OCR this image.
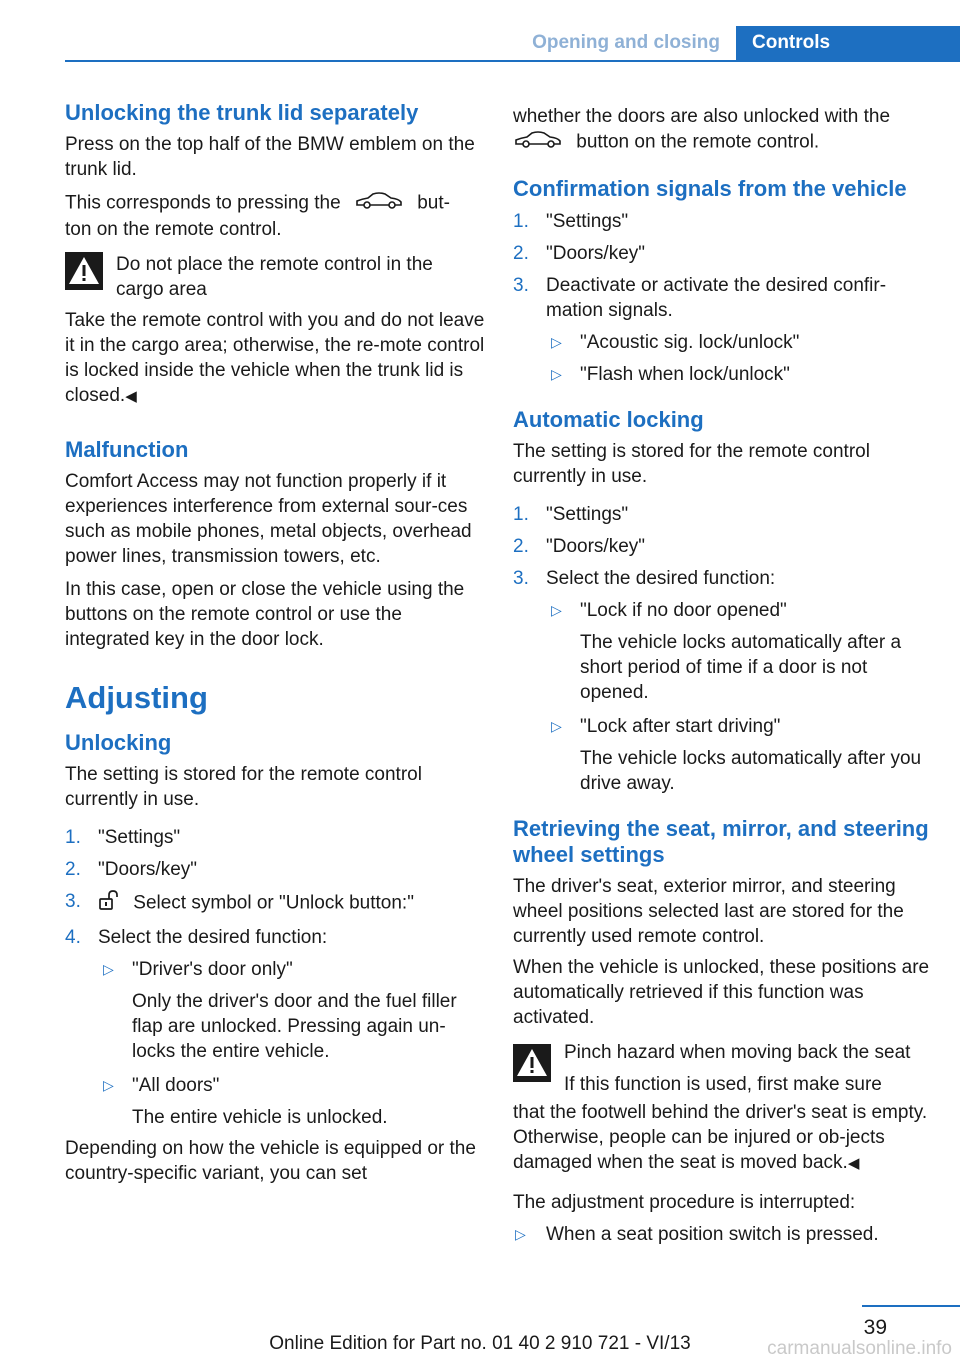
Opening and closing	Controls
Unlocking the trunk lid separately

Press on the top half of the BMW emblem on the trunk lid.

This corresponds to pressing the	but-
ton on the remote control.

Do not place the remote control in the
cargo area

Take the remote control with you and do not leave it in the cargo area; otherwise, the re-mote control is locked inside the vehicle when the trunk lid is closed.◀

Malfunction

Comfort Access may not function properly if it experiences interference from external sour-ces such as mobile phones, metal objects, overhead power lines, transmission towers, etc.

In this case, open or close the vehicle using the buttons on the remote control or use the integrated key in the door lock.

Adjusting
Unlocking

The setting is stored for the remote control currently in use.

1. "Settings"
2. "Doors/key"
3.	Select symbol or "Unlock button:"
4. Select the desired function:
▷ "Driver's door only"
Only the driver's door and the fuel filler flap are unlocked. Pressing again un-locks the entire vehicle.
▷ "All doors"
The entire vehicle is unlocked.

Depending on how the vehicle is equipped or the country-specific variant, you can set

whether the doors are also unlocked with the
button on the remote control.

Confirmation signals from the vehicle
1. "Settings"
2. "Doors/key"
3. Deactivate or activate the desired confir-mation signals.
▷ "Acoustic sig. lock/unlock"
▷ "Flash when lock/unlock"
Automatic locking

The setting is stored for the remote control currently in use.

1. "Settings"
2. "Doors/key"
3. Select the desired function:
▷ "Lock if no door opened"
The vehicle locks automatically after a short period of time if a door is not opened.
▷ "Lock after start driving"
The vehicle locks automatically after you drive away.
Retrieving the seat, mirror, and steering wheel settings

The driver's seat, exterior mirror, and steering wheel positions selected last are stored for the currently used remote control.

When the vehicle is unlocked, these positions are automatically retrieved if this function was activated.

Pinch hazard when moving back the seat
If this function is used, first make sure

that the footwell behind the driver's seat is empty. Otherwise, people can be injured or ob-jects damaged when the seat is moved back.◀

The adjustment procedure is interrupted:

▷ When a seat position switch is pressed.
39
Online Edition for Part no. 01 40 2 910 721 - VI/13	carmanualsonline.info
